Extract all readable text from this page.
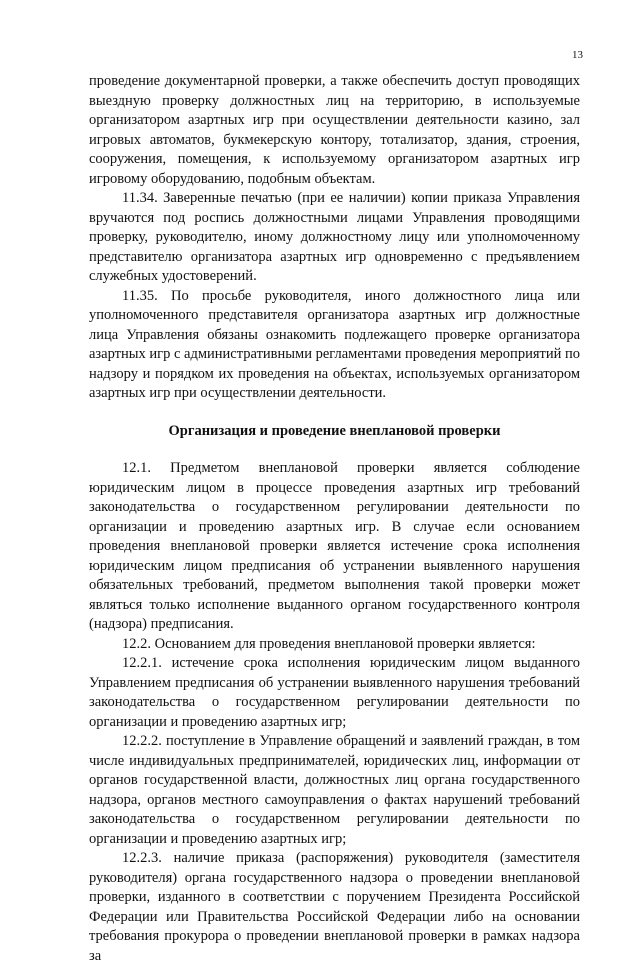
13

проведение документарной проверки, а также обеспечить доступ проводящих выездную проверку должностных лиц на территорию, в используемые организатором азартных игр при осуществлении деятельности казино, зал игровых автоматов, букмекерскую контору, тотализатор, здания, строения, сооружения, помещения, к используемому организатором азартных игр игровому оборудованию, подобным объектам.

11.34. Заверенные печатью (при ее наличии) копии приказа Управления вручаются под роспись должностными лицами Управления проводящими проверку, руководителю, иному должностному лицу или уполномоченному представителю организатора азартных игр одновременно с предъявлением служебных удостоверений.

11.35. По просьбе руководителя, иного должностного лица или уполномоченного представителя организатора азартных игр должностные лица Управления обязаны ознакомить подлежащего проверке организатора азартных игр с административными регламентами проведения мероприятий по надзору и порядком их проведения на объектах, используемых организатором азартных игр при осуществлении деятельности.

Организация и проведение внеплановой проверки

12.1. Предметом внеплановой проверки является соблюдение юридическим лицом в процессе проведения азартных игр требований законодательства о государственном регулировании деятельности по организации и проведению азартных игр. В случае если основанием проведения внеплановой проверки является истечение срока исполнения юридическим лицом предписания об устранении выявленного нарушения обязательных требований, предметом выполнения такой проверки может являться только исполнение выданного органом государственного контроля (надзора) предписания.

12.2. Основанием для проведения внеплановой проверки является:

12.2.1. истечение срока исполнения юридическим лицом выданного Управлением предписания об устранении выявленного нарушения требований законодательства о государственном регулировании деятельности по организации и проведению азартных игр;

12.2.2. поступление в Управление обращений и заявлений граждан, в том числе индивидуальных предпринимателей, юридических лиц, информации от органов государственной власти, должностных лиц органа государственного надзора, органов местного самоуправления о фактах нарушений требований законодательства о государственном регулировании деятельности по организации и проведению азартных игр;

12.2.3. наличие приказа (распоряжения) руководителя (заместителя руководителя) органа государственного надзора о проведении внеплановой проверки, изданного в соответствии с поручением Президента Российской Федерации или Правительства Российской Федерации либо на основании требования прокурора о проведении внеплановой проверки в рамках надзора за
